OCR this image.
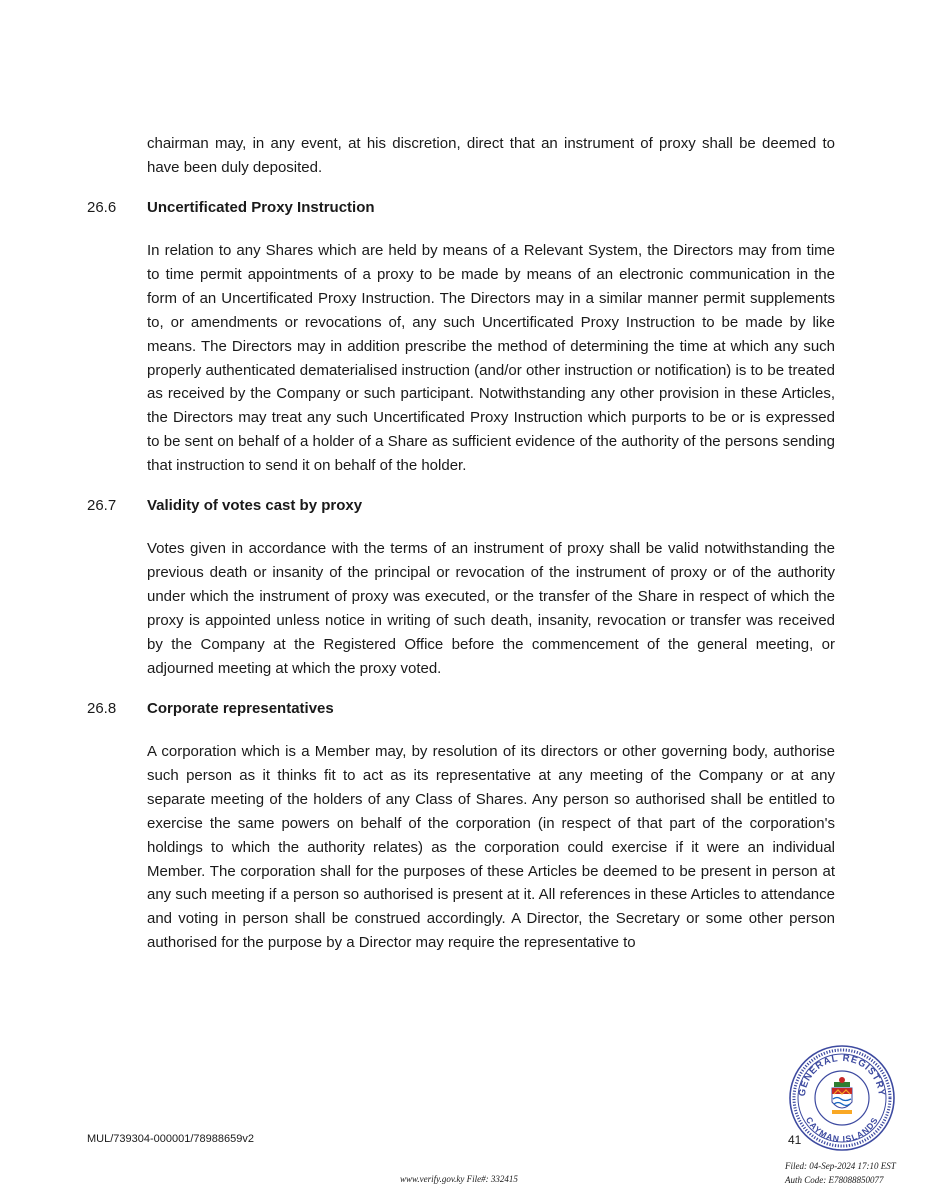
chairman may, in any event, at his discretion, direct that an instrument of proxy shall be deemed to have been duly deposited.

26.6 Uncertificated Proxy Instruction

In relation to any Shares which are held by means of a Relevant System, the Directors may from time to time permit appointments of a proxy to be made by means of an electronic communication in the form of an Uncertificated Proxy Instruction. The Directors may in a similar manner permit supplements to, or amendments or revocations of, any such Uncertificated Proxy Instruction to be made by like means. The Directors may in addition prescribe the method of determining the time at which any such properly authenticated dematerialised instruction (and/or other instruction or notification) is to be treated as received by the Company or such participant. Notwithstanding any other provision in these Articles, the Directors may treat any such Uncertificated Proxy Instruction which purports to be or is expressed to be sent on behalf of a holder of a Share as sufficient evidence of the authority of the persons sending that instruction to send it on behalf of the holder.

26.7 Validity of votes cast by proxy

Votes given in accordance with the terms of an instrument of proxy shall be valid notwithstanding the previous death or insanity of the principal or revocation of the instrument of proxy or of the authority under which the instrument of proxy was executed, or the transfer of the Share in respect of which the proxy is appointed unless notice in writing of such death, insanity, revocation or transfer was received by the Company at the Registered Office before the commencement of the general meeting, or adjourned meeting at which the proxy voted.

26.8 Corporate representatives

A corporation which is a Member may, by resolution of its directors or other governing body, authorise such person as it thinks fit to act as its representative at any meeting of the Company or at any separate meeting of the holders of any Class of Shares. Any person so authorised shall be entitled to exercise the same powers on behalf of the corporation (in respect of that part of the corporation's holdings to which the authority relates) as the corporation could exercise if it were an individual Member. The corporation shall for the purposes of these Articles be deemed to be present in person at any such meeting if a person so authorised is present at it. All references in these Articles to attendance and voting in person shall be construed accordingly. A Director, the Secretary or some other person authorised for the purpose by a Director may require the representative to

MUL/739304-000001/78988659v2	41
www.verify.gov.ky File#: 332415
Filed: 04-Sep-2024 17:10 EST
Auth Code: E78088850077
GENERAL REGISTRY
CAYMAN ISLANDS
